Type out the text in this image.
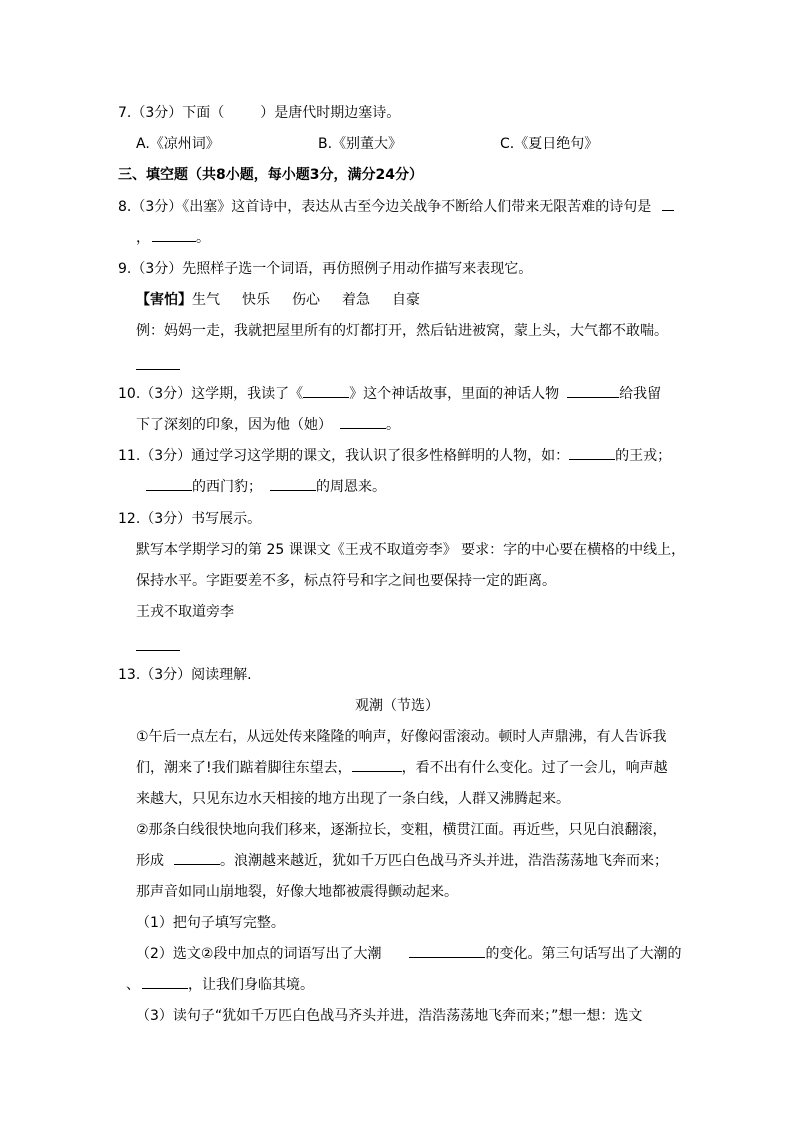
7.（3分）下面（	）是唐代时期边塞诗。
A.《凉州词》	B.《别董大》	C.《夏日绝句》
三、填空题（共8小题，每小题3分，满分24分）
8.（3分）《出塞》这首诗中，表达从古至今边关战争不断给人们带来无限苦难的诗句是
，	。
9.（3分）先照样子选一个词语，再仿照例子用动作描写来表现它。
【害怕】生气 快乐 伤心 着急 自豪
例：妈妈一走，我就把屋里所有的灯都打开，然后钻进被窝，蒙上头，大气都不敢喘。
10.（3分）这学期，我读了《	》这个神话故事，里面的神话人物	给我留
下了深刻的印象，因为他（她）	。
11.（3分）通过学习这学期的课文，我认识了很多性格鲜明的人物，如：	的王戎；
的西门豹；	的周恩来。
12.（3分）书写展示。
默写本学期学习的第 25 课课文《王戎不取道旁李》 要求：字的中心要在横格的中线上，
保持水平。字距要差不多，标点符号和字之间也要保持一定的距离。
王戎不取道旁李
13.（3分）阅读理解.
观潮（节选）
①午后一点左右，从远处传来隆隆的响声，好像闷雷滚动。顿时人声鼎沸，有人告诉我
们，潮来了!我们踮着脚往东望去，	，看不出有什么变化。过了一会儿，响声越
来越大，只见东边水天相接的地方出现了一条白线，人群又沸腾起来。
②那条白线很快地向我们移来，逐渐拉长，变粗，横贯江面。再近些，只见白浪翻滚，
形成	。浪潮越来越近，犹如千万匹白色战马齐头并进，浩浩荡荡地飞奔而来；
那声音如同山崩地裂，好像大地都被震得颤动起来。
（1）把句子填写完整。
（2）选文②段中加点的词语写出了大潮	的变化。第三句话写出了大潮的
、	，让我们身临其境。
（3）读句子“犹如千万匹白色战马齐头并进，浩浩荡荡地飞奔而来；”想一想：选文
